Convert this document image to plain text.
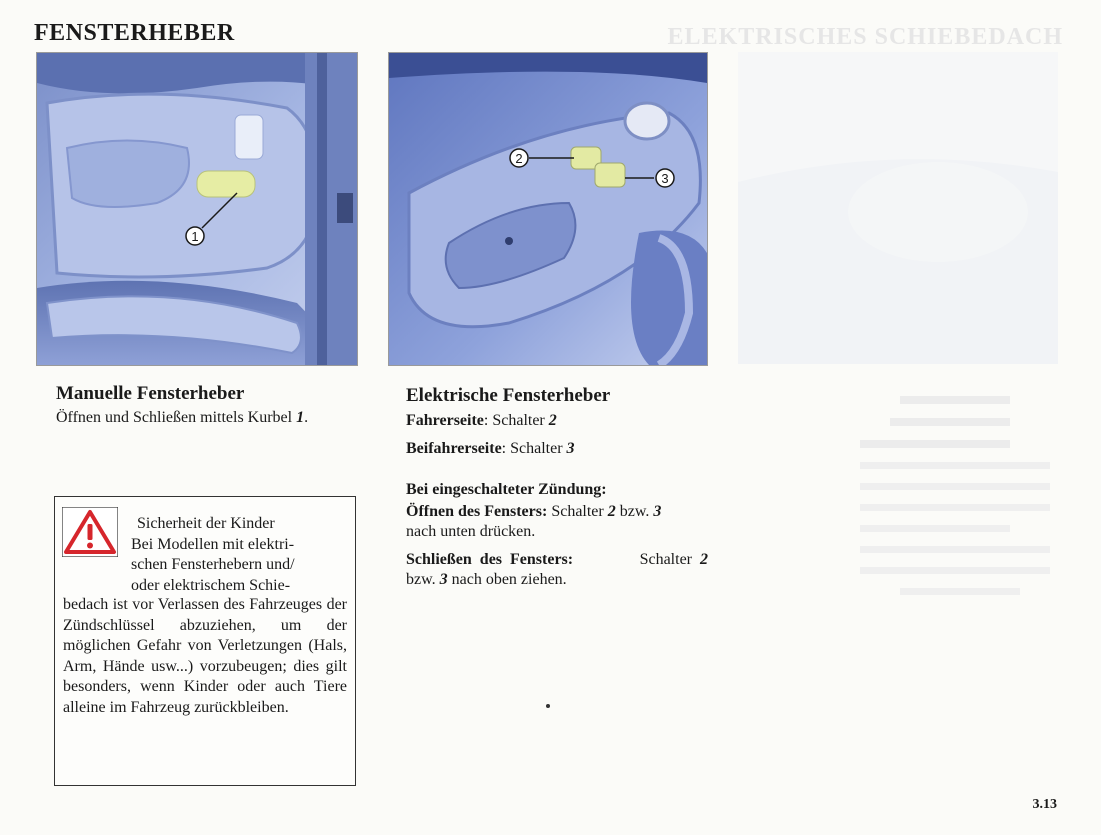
FENSTERHEBER	ELEKTRISCHES SCHIEBEDACH
1
2
3
Manuelle Fensterheber

Öffnen und Schließen mittels Kurbel 1.

Sicherheit der Kinder
Bei Modellen mit elektri-
schen Fensterhebern und/
oder elektrischem Schie-

bedach ist vor Verlassen des Fahrzeuges der Zündschlüssel abzuziehen, um der möglichen Gefahr von Verletzungen (Hals, Arm, Hände usw...) vorzubeugen; dies gilt besonders, wenn Kinder oder auch Tiere alleine im Fahrzeug zurückbleiben.

Elektrische Fensterheber

Fahrerseite: Schalter 2

Beifahrerseite: Schalter 3

Bei eingeschalteter Zündung:

Öffnen des Fensters: Schalter 2 bzw. 3
nach unten drücken.

Schließen  des  Fensters:	Schalter  2
bzw. 3 nach oben ziehen.

3.13
